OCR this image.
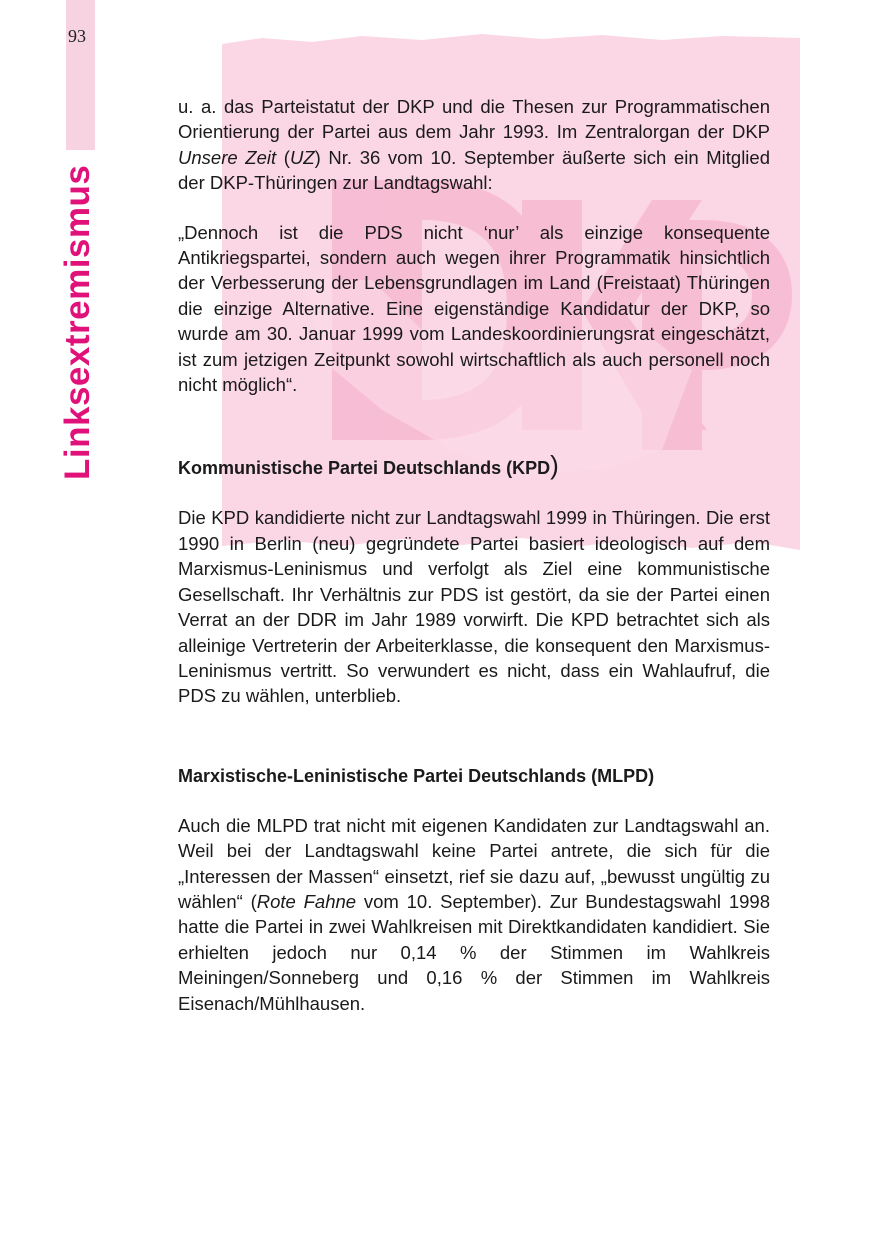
93
Linksextremismus

u. a. das Parteistatut der DKP und die Thesen zur Programmatischen Orientierung der Partei aus dem Jahr 1993. Im Zentralorgan der DKP Unsere Zeit (UZ) Nr. 36 vom 10. September äußerte sich ein Mitglied der DKP-Thüringen zur Landtagswahl:

„Dennoch ist die PDS nicht ‘nur’ als einzige konsequente Antikriegspartei, sondern auch wegen ihrer Programmatik hinsichtlich der Verbesserung der Lebensgrundlagen im Land (Freistaat) Thüringen die einzige Alternative. Eine eigenständige Kandidatur der DKP, so wurde am 30. Januar 1999 vom Landeskoordinierungsrat eingeschätzt, ist zum jetzigen Zeitpunkt sowohl wirtschaftlich als auch personell noch nicht möglich“.

Kommunistische Partei Deutschlands (KPD)

Die KPD kandidierte nicht zur Landtagswahl 1999 in Thüringen. Die erst 1990 in Berlin (neu) gegründete Partei basiert ideologisch auf dem Marxismus-Leninismus und verfolgt als Ziel eine kommunistische Gesellschaft. Ihr Verhältnis zur PDS ist gestört, da sie der Partei einen Verrat an der DDR im Jahr 1989 vorwirft. Die KPD betrachtet sich als alleinige Vertreterin der Arbeiterklasse, die konsequent den Marxismus-Leninismus vertritt. So verwundert es nicht, dass ein Wahlaufruf, die PDS zu wählen, unterblieb.

Marxistische-Leninistische Partei Deutschlands (MLPD)

Auch die MLPD trat nicht mit eigenen Kandidaten zur Landtagswahl an. Weil bei der Landtagswahl keine Partei antrete, die sich für die „Interessen der Massen“ einsetzt, rief sie dazu auf, „bewusst ungültig zu wählen“ (Rote Fahne vom 10. September). Zur Bundestagswahl 1998 hatte die Partei in zwei Wahlkreisen mit Direktkandidaten kandidiert. Sie erhielten jedoch nur 0,14 % der Stimmen im Wahlkreis Meiningen/Sonneberg und 0,16 % der Stimmen im Wahlkreis Eisenach/Mühlhausen.
